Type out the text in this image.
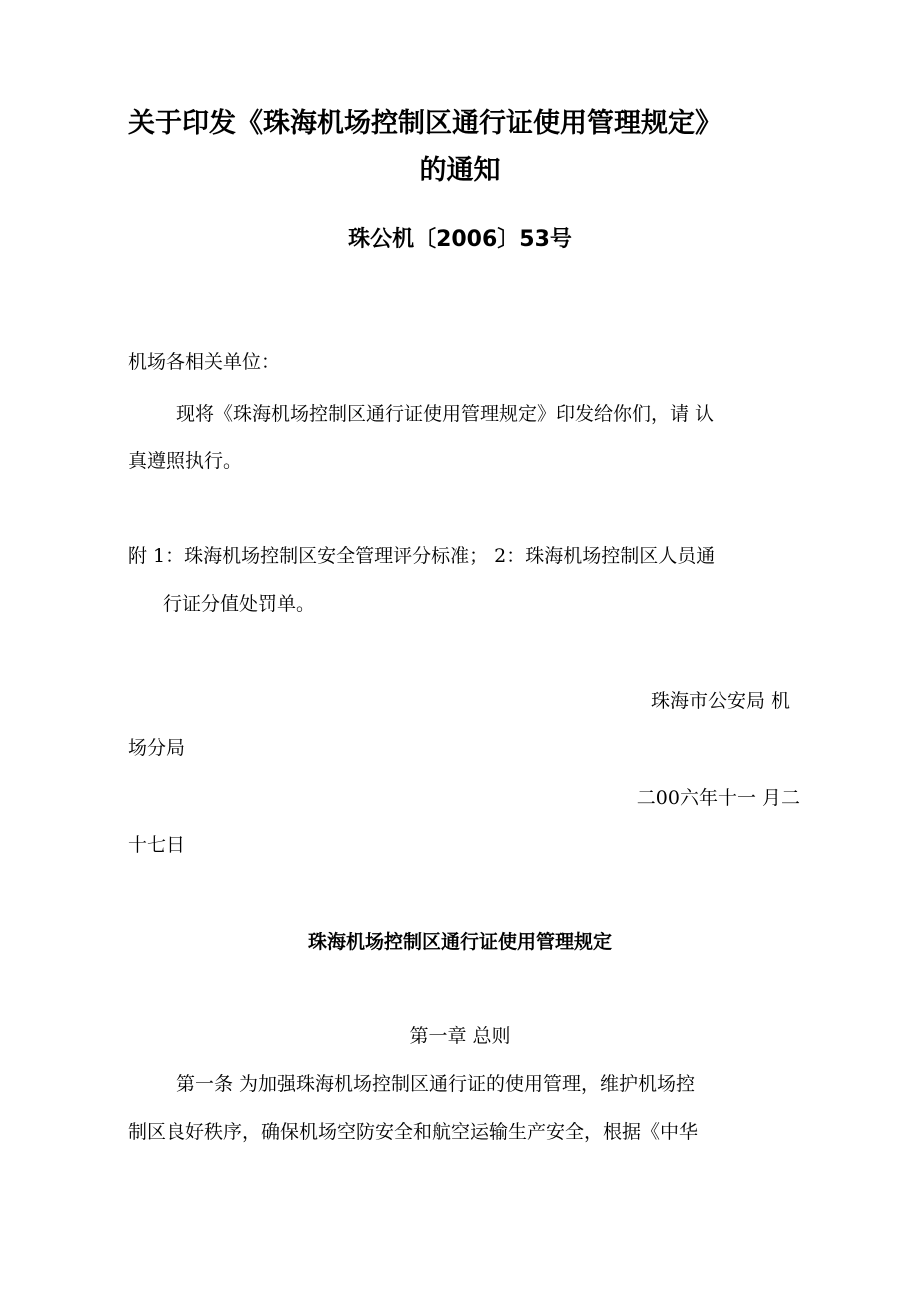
关于印发《珠海机场控制区通行证使用管理规定》
的通知
珠公机〔2006〕53号

机场各相关单位：

现将《珠海机场控制区通行证使用管理规定》印发给你们，请 认

真遵照执行。

附 1：珠海机场控制区安全管理评分标准； 2：珠海机场控制区人员通

行证分值处罚单。

珠海市公安局 机

场分局

二00六年十一 月二

十七日

珠海机场控制区通行证使用管理规定

第一章 总则

第一条 为加强珠海机场控制区通行证的使用管理，维护机场控

制区良好秩序，确保机场空防安全和航空运输生产安全，根据《中华
